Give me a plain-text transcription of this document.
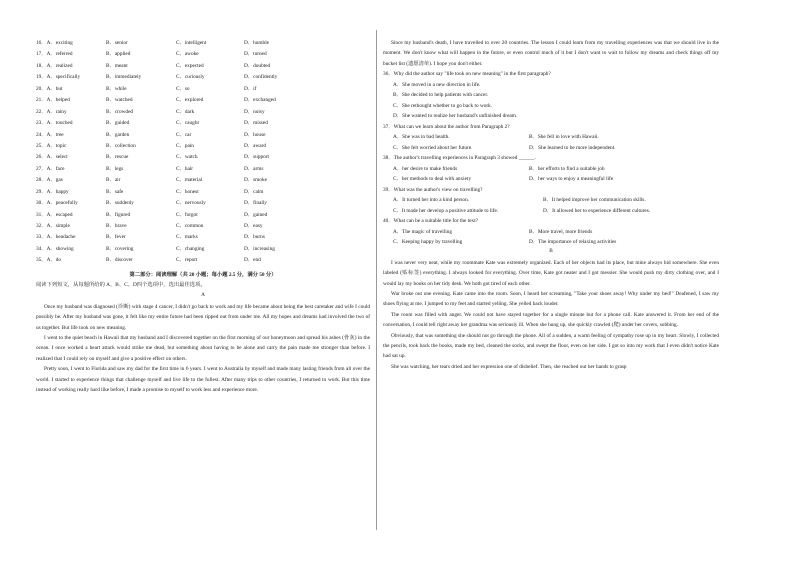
16．A．exciting	B．senior	C．intelligent	D．humble
17．A．referred	B．applied	C．awoke	D．turned
18．A．realized	B．meant	C．expected	D．doubted
19．A．specifically	B．immediately	C．curiously	D．confidently
20．A．but	B．while	C．so	D．if
21．A．helped	B．watched	C．explored	D．exchanged
22．A．rainy	B．crowded	C．dark	D．noisy
23．A．touched	B．guided	C．caught	D．missed
24．A．tree	B．garden	C．car	D．house
25．A．topic	B．collection	C．pain	D．award
26．A．select	B．rescue	C．watch	D．support
27．A．face	B．legs	C．hair	D．arms
28．A．gas	B．air	C．material	D．smoke
29．A．happy	B．safe	C．honest	D．calm
30．A．peacefully	B．suddenly	C．nervously	D．finally
31．A．escaped	B．figured	C．forgot	D．gained
32．A．simple	B．brave	C．common	D．easy
33．A．headache	B．fever	C．marks	D．burns
34．A．showing	B．covering	C．changing	D．increasing
35．A．do	B．discover	C．report	D．end
第二部分：阅读理解（共 20 小题；每小题 2.5 分，满分 50 分）
阅读下列短文，从每题所给的 A、B、C、D四个选项中，选出最佳选项。
A

Once my husband was diagnosed (诊断) with stage 4 cancer, I didn't go back to work and my life became about being the best caretaker and wife I could possibly be. After my husband was gone, it felt like my entire future had been ripped out from under me. All my hopes and dreams had involved the two of us together. But life took on new meaning.

I went to the quiet beach in Hawaii that my husband and I discovered together on the first morning of our honeymoon and spread his ashes (骨灰) in the ocean. I once worked a heart attack would strike me dead, but something about having to be alone and carry the pain made me stronger than before. I realized that I could rely on myself and give a positive effect on others.

Pretty soon, I went to Florida and saw my dad for the first time in 6 years. I went to Australia by myself and made many lasting friends from all over the world. I started to experience things that challenge myself and live life to the fullest. After many trips to other countries, I returned to work. But this time instead of working really hard like before, I made a promise to myself to work less and experience more.

Since my husband's death, I have travelled to over 20 countries. The lesson I could learn from my travelling experiences was that we should live in the moment. We don't know what will happen in the future, or even control much of it but I don't want to wait to follow my dreams and check things off my bucket list (遗愿清单). I hope you don't either.

36．Why did the author say "life took on new meaning" in the first paragraph?
A．She moved in a new direction in life.
B．She decided to help patients with cancer.
C．She rethought whether to go back to work.
D．She wanted to realize her husband's unfinished dream.
37．What can we learn about the author from Paragraph 2?
A．She was in bad health.	B．She fell in love with Hawaii.
C．She felt worried about her future.	D．She learned to be more independent.
38．The author's travelling experiences in Paragraph 3 showed ______.
A．her desire to make friends	B．her efforts to find a suitable job
C．her methods to deal with anxiety	D．her ways to enjoy a meaningful life
39．What was the author's view on travelling?
A．It turned her into a kind person.	B．It helped improve her communication skills.
C．It made her develop a positive attitude to life.	D．It allowed her to experience different cultures.
40．What can be a suitable title for the text?
A．The magic of travelling	B．More travel, more friends
C．Keeping happy by travelling	D．The importance of relaxing activities
B

I was never very neat, while my roommate Kate was extremely organized. Each of her objects had its place, but mine always hid somewhere. She even labeled (贴标签) everything. I always looked for everything. Over time, Kate got neater and I got messier. She would push my dirty clothing over, and I would lay my books on her tidy desk. We both got tired of each other.

War broke out one evening. Kate came into the room. Soon, I heard her screaming, "Take your shoes away! Why under my bed!" Deafened, I saw my shoes flying at me. I jumped to my feet and started yelling. She yelled back louder.

The room was filled with anger. We could not have stayed together for a single minute but for a phone call. Kate answered it. From her end of the conversation, I could tell right away her grandma was seriously ill. When she hung up, she quickly crawled (爬) under her covers, sobbing.

Obviously, that was something she should not go through the phone. All of a sudden, a warm feeling of sympathy rose up in my heart. Slowly, I collected the pencils, took back the books, made my bed, cleaned the socks, and swept the floor, even on her side. I got so into my work that I even didn't notice Kate had sat up.

She was watching, her tears dried and her expression one of disbelief. Then, she reached out her hands to grasp
